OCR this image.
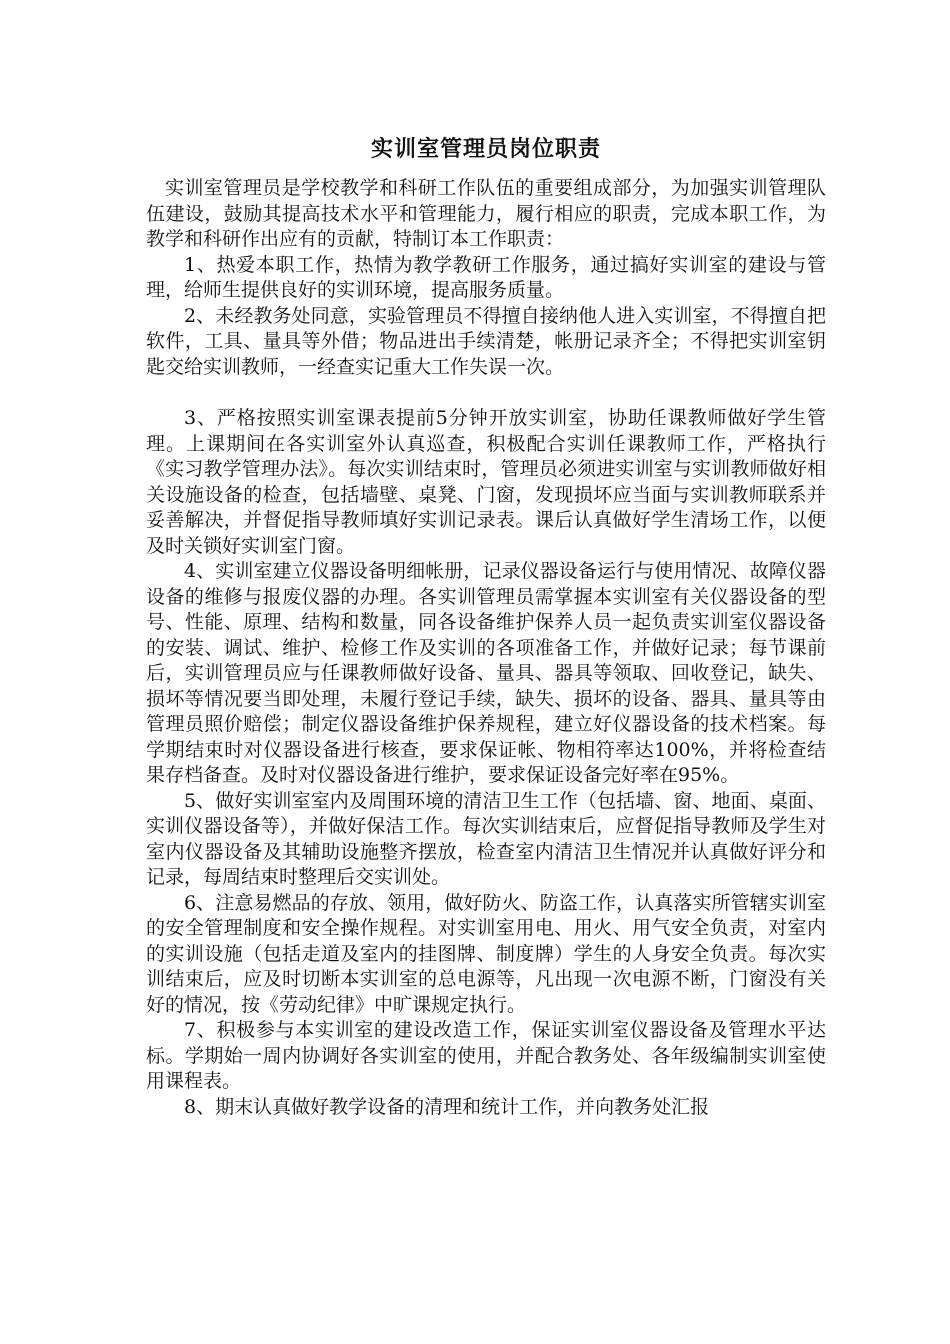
实训室管理员岗位职责

实训室管理员是学校教学和科研工作队伍的重要组成部分，为加强实训管理队伍建设，鼓励其提高技术水平和管理能力，履行相应的职责，完成本职工作，为教学和科研作出应有的贡献，特制订本工作职责：

1、热爱本职工作，热情为教学教研工作服务，通过搞好实训室的建设与管理，给师生提供良好的实训环境，提高服务质量。

2、未经教务处同意，实验管理员不得擅自接纳他人进入实训室，不得擅自把软件，工具、量具等外借；物品进出手续清楚，帐册记录齐全；不得把实训室钥匙交给实训教师，一经查实记重大工作失误一次。

3、严格按照实训室课表提前5分钟开放实训室，协助任课教师做好学生管理。上课期间在各实训室外认真巡查，积极配合实训任课教师工作，严格执行《实习教学管理办法》。每次实训结束时，管理员必须进实训室与实训教师做好相关设施设备的检查，包括墙壁、桌凳、门窗，发现损坏应当面与实训教师联系并妥善解决，并督促指导教师填好实训记录表。课后认真做好学生清场工作，以便及时关锁好实训室门窗。

4、实训室建立仪器设备明细帐册，记录仪器设备运行与使用情况、故障仪器设备的维修与报废仪器的办理。各实训管理员需掌握本实训室有关仪器设备的型号、性能、原理、结构和数量，同各设备维护保养人员一起负责实训室仪器设备的安装、调试、维护、检修工作及实训的各项准备工作，并做好记录；每节课前后，实训管理员应与任课教师做好设备、量具、器具等领取、回收登记，缺失、损坏等情况要当即处理，未履行登记手续，缺失、损坏的设备、器具、量具等由管理员照价赔偿；制定仪器设备维护保养规程，建立好仪器设备的技术档案。每学期结束时对仪器设备进行核查，要求保证帐、物相符率达100%，并将检查结果存档备查。及时对仪器设备进行维护，要求保证设备完好率在95%。

5、做好实训室室内及周围环境的清洁卫生工作（包括墙、窗、地面、桌面、实训仪器设备等），并做好保洁工作。每次实训结束后，应督促指导教师及学生对室内仪器设备及其辅助设施整齐摆放，检查室内清洁卫生情况并认真做好评分和记录，每周结束时整理后交实训处。

6、注意易燃品的存放、领用，做好防火、防盗工作，认真落实所管辖实训室的安全管理制度和安全操作规程。对实训室用电、用火、用气安全负责，对室内的实训设施（包括走道及室内的挂图牌、制度牌）学生的人身安全负责。每次实训结束后，应及时切断本实训室的总电源等，凡出现一次电源不断，门窗没有关好的情况，按《劳动纪律》中旷课规定执行。

7、积极参与本实训室的建设改造工作，保证实训室仪器设备及管理水平达标。学期始一周内协调好各实训室的使用，并配合教务处、各年级编制实训室使用课程表。

8、期末认真做好教学设备的清理和统计工作，并向教务处汇报
